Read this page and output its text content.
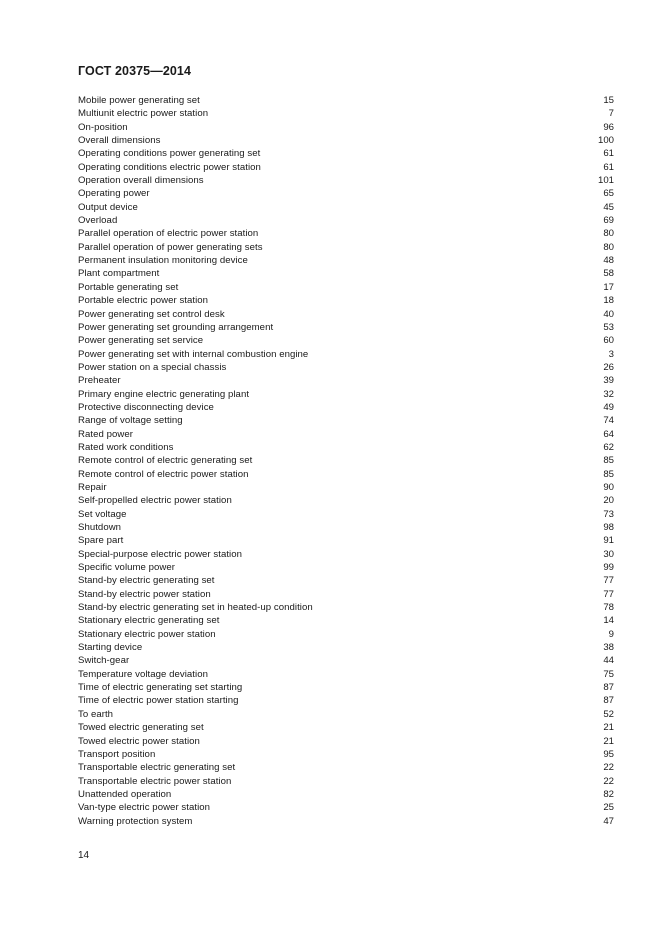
ГОСТ 20375—2014
Mobile power generating set	15
Multiunit electric power station	7
On-position	96
Overall dimensions	100
Operating conditions power generating set	61
Operating conditions electric power station	61
Operation overall dimensions	101
Operating power	65
Output device	45
Overload	69
Parallel operation of electric power station	80
Parallel operation of power generating sets	80
Permanent insulation monitoring device	48
Plant compartment	58
Portable generating set	17
Portable electric power station	18
Power generating set control desk	40
Power generating set grounding arrangement	53
Power generating set service	60
Power generating set with internal combustion engine	3
Power station on a special chassis	26
Preheater	39
Primary engine electric generating plant	32
Protective disconnecting device	49
Range of voltage setting	74
Rated power	64
Rated work conditions	62
Remote control of electric generating set	85
Remote control of electric power station	85
Repair	90
Self-propelled electric power station	20
Set voltage	73
Shutdown	98
Spare part	91
Special-purpose electric power station	30
Specific volume power	99
Stand-by electric generating set	77
Stand-by electric power station	77
Stand-by electric generating set in heated-up condition	78
Stationary electric generating set	14
Stationary electric power station	9
Starting device	38
Switch-gear	44
Temperature voltage deviation	75
Time of electric generating set starting	87
Time of electric power station starting	87
To earth	52
Towed electric generating set	21
Towed electric power station	21
Transport position	95
Transportable electric generating set	22
Transportable electric power station	22
Unattended operation	82
Van-type electric power station	25
Warning protection system	47
14
